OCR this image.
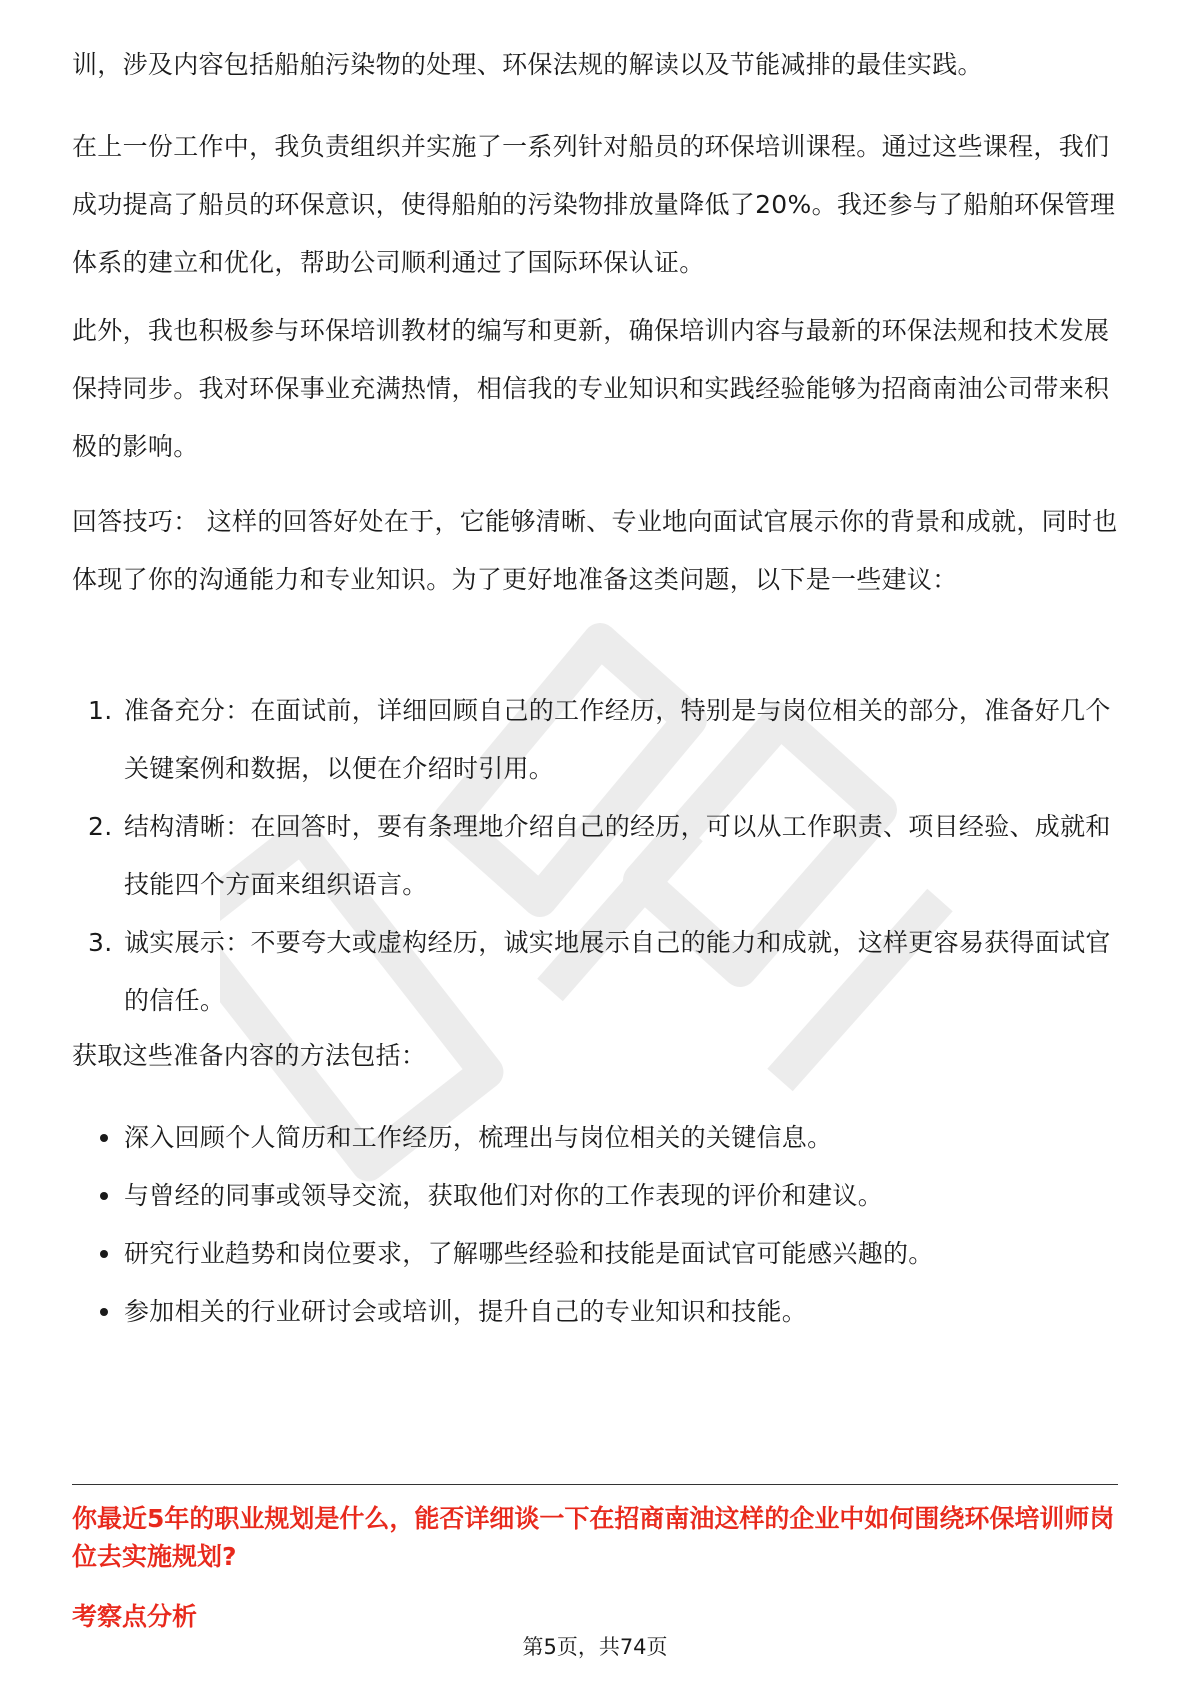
训，涉及内容包括船舶污染物的处理、环保法规的解读以及节能减排的最佳实践。

在上一份工作中，我负责组织并实施了一系列针对船员的环保培训课程。通过这些课程，我们成功提高了船员的环保意识，使得船舶的污染物排放量降低了20%。我还参与了船舶环保管理体系的建立和优化，帮助公司顺利通过了国际环保认证。

此外，我也积极参与环保培训教材的编写和更新，确保培训内容与最新的环保法规和技术发展保持同步。我对环保事业充满热情，相信我的专业知识和实践经验能够为招商南油公司带来积极的影响。

回答技巧： 这样的回答好处在于，它能够清晰、专业地向面试官展示你的背景和成就，同时也体现了你的沟通能力和专业知识。为了更好地准备这类问题，以下是一些建议：

1. 准备充分：在面试前，详细回顾自己的工作经历，特别是与岗位相关的部分，准备好几个关键案例和数据，以便在介绍时引用。
2. 结构清晰：在回答时，要有条理地介绍自己的经历，可以从工作职责、项目经验、成就和技能四个方面来组织语言。
3. 诚实展示：不要夸大或虚构经历，诚实地展示自己的能力和成就，这样更容易获得面试官的信任。

获取这些准备内容的方法包括：

深入回顾个人简历和工作经历，梳理出与岗位相关的关键信息。
与曾经的同事或领导交流，获取他们对你的工作表现的评价和建议。
研究行业趋势和岗位要求，了解哪些经验和技能是面试官可能感兴趣的。
参加相关的行业研讨会或培训，提升自己的专业知识和技能。

你最近5年的职业规划是什么，能否详细谈一下在招商南油这样的企业中如何围绕环保培训师岗位去实施规划?

考察点分析
第5页，共74页
